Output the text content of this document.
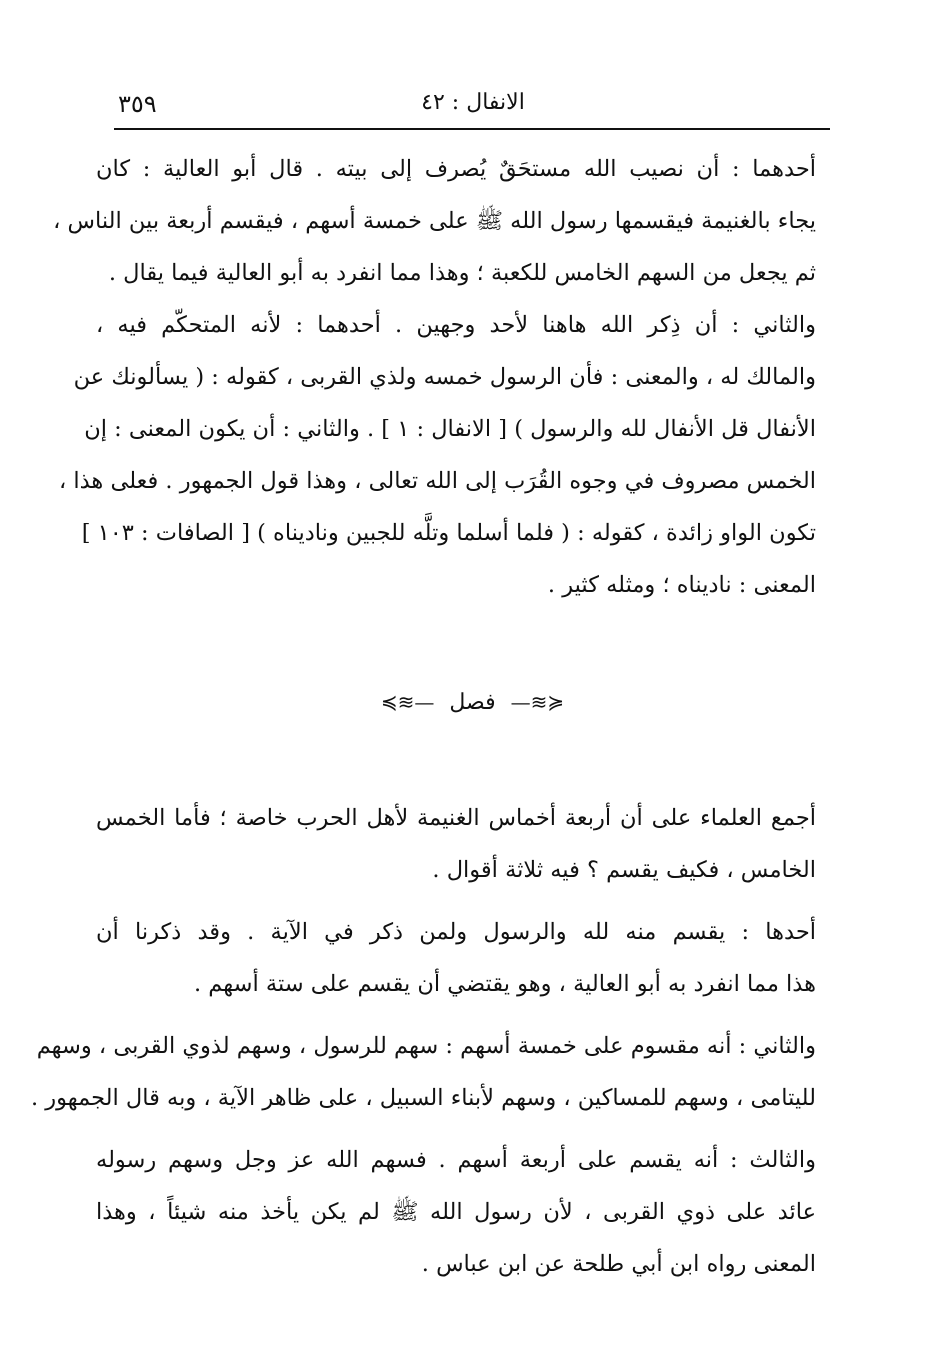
٣٥٩	الانفال : ٤٢
أحدهما : أن نصيب الله مستحَقٌ يُصرف إلى بيته . قال أبو العالية : كان
يجاء بالغنيمة فيقسمها رسول الله ﷺ على خمسة أسهم ، فيقسم أربعة بين الناس ،
ثم يجعل من السهم الخامس للكعبة ؛ وهذا مما انفرد به أبو العالية فيما يقال .
والثاني : أن ذِكر الله هاهنا لأحد وجهين . أحدهما : لأنه المتحكّم فيه ،
والمالك له ، والمعنى : فأن الرسول خمسه ولذي القربى ، كقوله : ( يسألونك عن
الأنفال قل الأنفال لله والرسول ) [ الانفال : ١ ] . والثاني : أن يكون المعنى : إن
الخمس مصروف في وجوه القُرَب إلى الله تعالى ، وهذا قول الجمهور . فعلى هذا ،
تكون الواو زائدة ، كقوله : ( فلما أسلما وتلَّه للجبين وناديناه ) [ الصافات : ١٠٣ ]
المعنى : ناديناه ؛ ومثله كثير .
≼≋— فصل —≋≽
أجمع العلماء على أن أربعة أخماس الغنيمة لأهل الحرب خاصة ؛ فأما الخمس
الخامس ، فكيف يقسم ؟ فيه ثلاثة أقوال .
أحدها : يقسم منه لله والرسول ولمن ذكر في الآية . وقد ذكرنا أن
هذا مما انفرد به أبو العالية ، وهو يقتضي أن يقسم على ستة أسهم .
والثاني : أنه مقسوم على خمسة أسهم : سهم للرسول ، وسهم لذوي القربى ، وسهم
لليتامى ، وسهم للمساكين ، وسهم لأبناء السبيل ، على ظاهر الآية ، وبه قال الجمهور .
والثالث : أنه يقسم على أربعة أسهم . فسهم الله عز وجل وسهم رسوله
عائد على ذوي القربى ، لأن رسول الله ﷺ لم يكن يأخذ منه شيئاً ، وهذا
المعنى رواه ابن أبي طلحة عن ابن عباس .
